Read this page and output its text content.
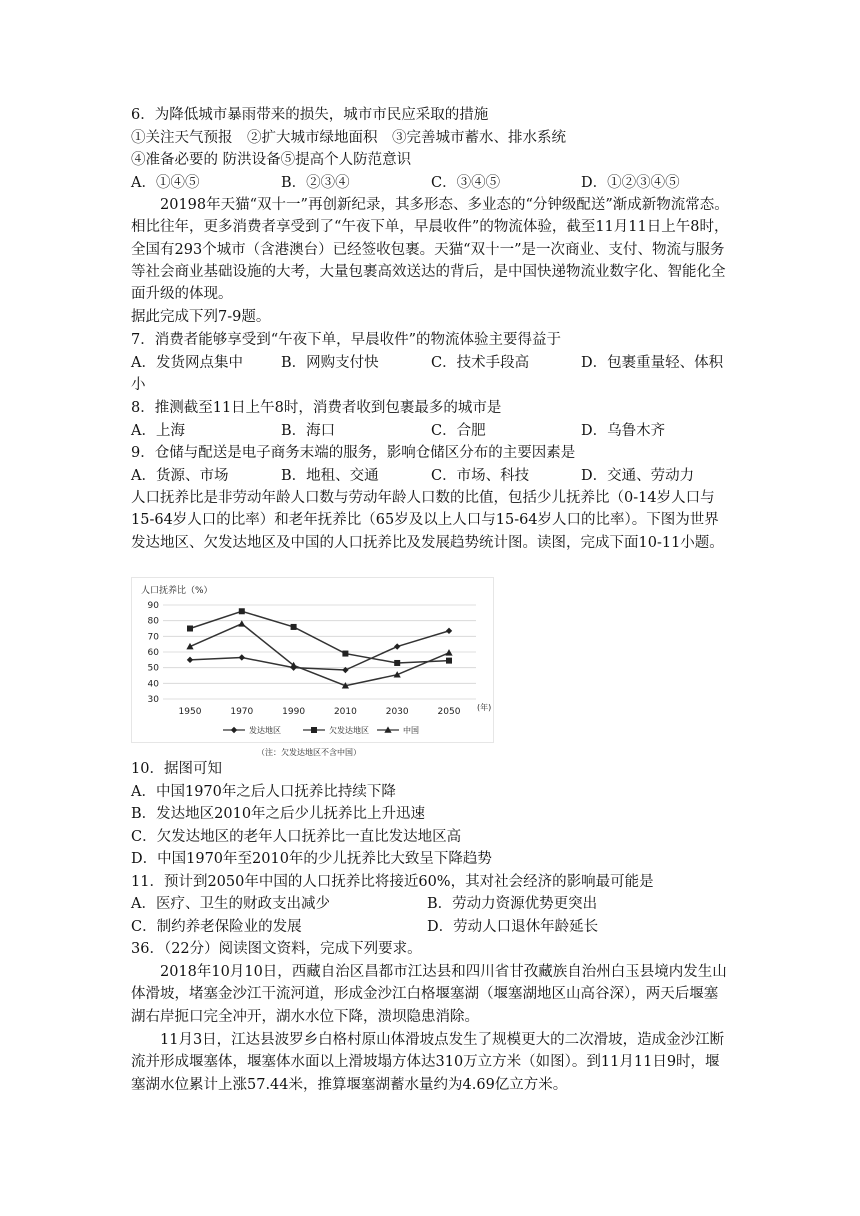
6．为降低城市暴雨带来的损失，城市市民应采取的措施
①关注天气预报　②扩大城市绿地面积　③完善城市蓄水、排水系统
④准备必要的 防洪设备⑤提高个人防范意识
A．①④⑤	B．②③④	C．③④⑤	D．①②③④⑤
20198年天猫“双十一”再创新纪录，其多形态、多业态的“分钟级配送”渐成新物流常态。相比往年，更多消费者享受到了“午夜下单，早晨收件”的物流体验，截至11月11日上午8时，全国有293个城市（含港澳台）已经签收包裹。天猫“双十一”是一次商业、支付、物流与服务等社会商业基础设施的大考，大量包裹高效送达的背后，是中国快递物流业数字化、智能化全面升级的体现。
据此完成下列7-9题。
7．消费者能够享受到“午夜下单，早晨收件”的物流体验主要得益于
A．发货网点集中	B．网购支付快	C．技术手段高	D．包裹重量轻、体积
小
8．推测截至11日上午8时，消费者收到包裹最多的城市是
A．上海	B．海口	C．合肥	D．乌鲁木齐
9．仓储与配送是电子商务末端的服务，影响仓储区分布的主要因素是
A．货源、市场	B．地租、交通	C．市场、科技	D．交通、劳动力
人口抚养比是非劳动年龄人口数与劳动年龄人口数的比值，包括少儿抚养比（0-14岁人口与15-64岁人口的比率）和老年抚养比（65岁及以上人口与15-64岁人口的比率）。下图为世界发达地区、欠发达地区及中国的人口抚养比及发展趋势统计图。读图，完成下面10-11小题。
人口抚养比（%）
30
40
50
60
70
80
90
1950	1970	1990	2010	2030	2050 (年)
发达地区	欠发达地区	中国
（注：欠发达地区不含中国）
10．据图可知
A．中国1970年之后人口抚养比持续下降
B．发达地区2010年之后少儿抚养比上升迅速
C．欠发达地区的老年人口抚养比一直比发达地区高
D．中国1970年至2010年的少儿抚养比大致呈下降趋势
11．预计到2050年中国的人口抚养比将接近60%，其对社会经济的影响最可能是
A．医疗、卫生的财政支出减少	B．劳动力资源优势更突出
C．制约养老保险业的发展	D．劳动人口退休年龄延长
36．（22分）阅读图文资料，完成下列要求。
2018年10月10日，西藏自治区昌都市江达县和四川省甘孜藏族自治州白玉县境内发生山体滑坡，堵塞金沙江干流河道，形成金沙江白格堰塞湖（堰塞湖地区山高谷深），两天后堰塞湖右岸扼口完全冲开，湖水水位下降，溃坝隐患消除。
11月3日，江达县波罗乡白格村原山体滑坡点发生了规模更大的二次滑坡，造成金沙江断流并形成堰塞体，堰塞体水面以上滑坡塌方体达310万立方米（如图）。到11月11日9时，堰塞湖水位累计上涨57.44米，推算堰塞湖蓄水量约为4.69亿立方米。
